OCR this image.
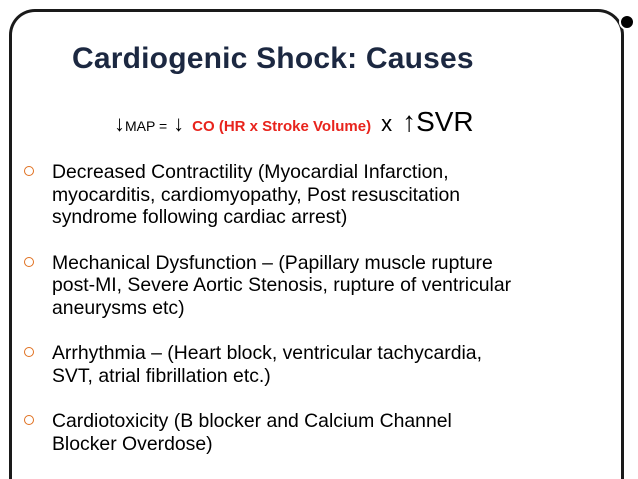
Cardiogenic Shock: Causes
↓MAP =↓ CO (HR x Stroke Volume) x ↑SVR
Decreased Contractility (Myocardial Infarction,
myocarditis, cardiomyopathy, Post resuscitation
syndrome following cardiac arrest)
Mechanical Dysfunction – (Papillary muscle rupture
post-MI, Severe Aortic Stenosis, rupture of ventricular
aneurysms etc)
Arrhythmia – (Heart block, ventricular tachycardia,
SVT, atrial fibrillation etc.)
Cardiotoxicity (B blocker and Calcium Channel
Blocker Overdose)
